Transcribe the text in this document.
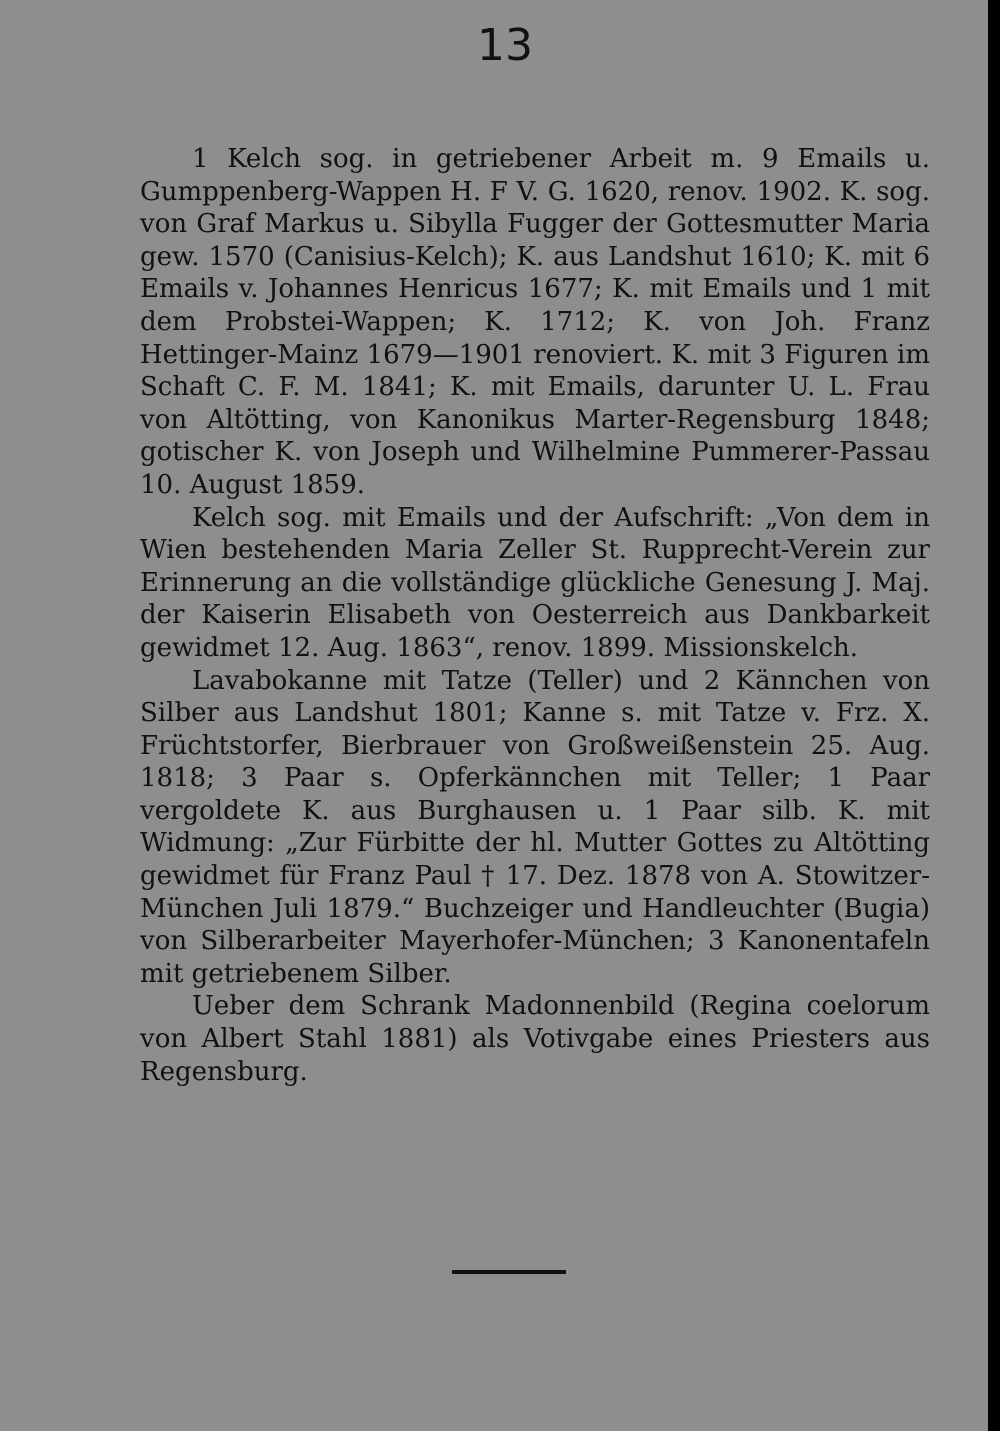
13

1 Kelch sog. in getriebener Arbeit m. 9 Emails u. Gumppenberg-Wappen H. F V. G. 1620, renov. 1902. K. sog. von Graf Markus u. Sibylla Fugger der Gottesmutter Maria gew. 1570 (Canisius-Kelch); K. aus Landshut 1610; K. mit 6 Emails v. Johannes Henricus 1677; K. mit Emails und 1 mit dem Probstei-Wappen; K. 1712; K. von Joh. Franz Hettinger-Mainz 1679—1901 renoviert. K. mit 3 Figuren im Schaft C. F. M. 1841; K. mit Emails, darunter U. L. Frau von Altötting, von Kanonikus Marter-Regensburg 1848; gotischer K. von Joseph und Wilhelmine Pummerer-Passau 10. August 1859.

Kelch sog. mit Emails und der Aufschrift: „Von dem in Wien bestehenden Maria Zeller St. Rupprecht-Verein zur Erinnerung an die vollständige glückliche Genesung J. Maj. der Kaiserin Elisabeth von Oesterreich aus Dankbarkeit gewidmet 12. Aug. 1863“, renov. 1899. Missionskelch.

Lavabokanne mit Tatze (Teller) und 2 Kännchen von Silber aus Landshut 1801; Kanne s. mit Tatze v. Frz. X. Früchtstorfer, Bierbrauer von Großweißenstein 25. Aug. 1818; 3 Paar s. Opferkännchen mit Teller; 1 Paar vergoldete K. aus Burghausen u. 1 Paar silb. K. mit Widmung: „Zur Fürbitte der hl. Mutter Gottes zu Altötting gewidmet für Franz Paul † 17. Dez. 1878 von A. Stowitzer-München Juli 1879.“ Buchzeiger und Handleuchter (Bugia) von Silberarbeiter Mayerhofer-München; 3 Kanonentafeln mit getriebenem Silber.

Ueber dem Schrank Madonnenbild (Regina coelorum von Albert Stahl 1881) als Votivgabe eines Priesters aus Regensburg.
